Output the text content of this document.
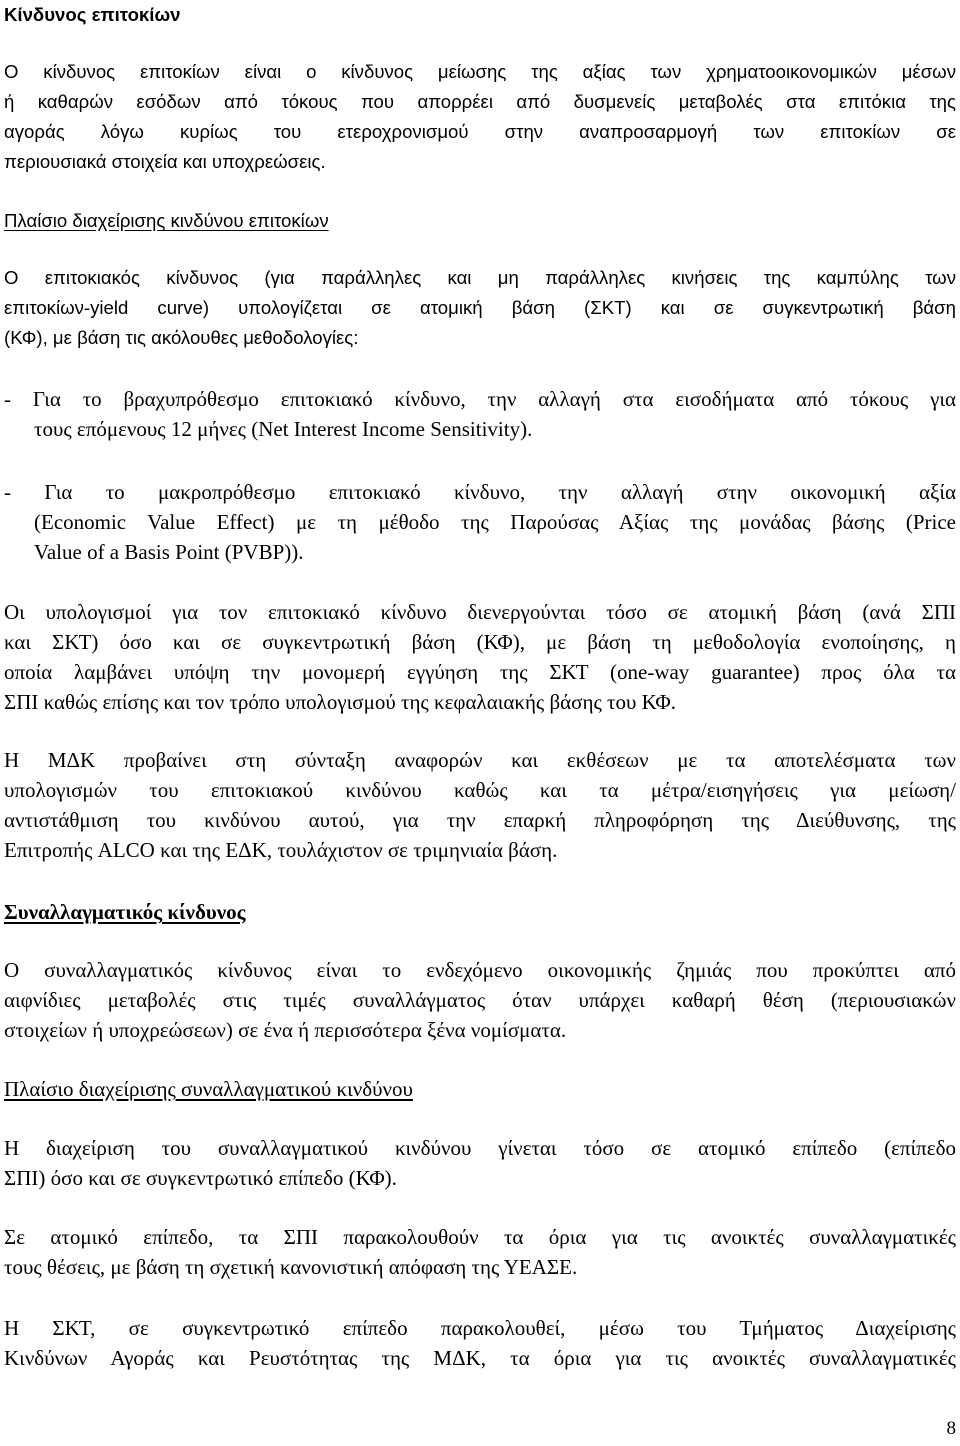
Κίνδυνος επιτοκίων

Ο κίνδυνος επιτοκίων είναι ο κίνδυνος μείωσης της αξίας των χρηματοοικονομικών μέσων
ή καθαρών εσόδων από τόκους που απορρέει από δυσμενείς μεταβολές στα επιτόκια της
αγοράς λόγω κυρίως του ετεροχρονισμού στην αναπροσαρμογή των επιτοκίων σε
περιουσιακά στοιχεία και υποχρεώσεις.

Πλαίσιο διαχείρισης κινδύνου επιτοκίων

Ο επιτοκιακός κίνδυνος (για παράλληλες και μη παράλληλες κινήσεις της καμπύλης των
επιτοκίων-yield curve) υπολογίζεται σε ατομική βάση (ΣΚΤ) και σε συγκεντρωτική βάση
(ΚΦ), με βάση τις ακόλουθες μεθοδολογίες:

- Για το βραχυπρόθεσμο επιτοκιακό κίνδυνο, την αλλαγή στα εισοδήματα από τόκους για
τους επόμενους 12 μήνες (Net Interest Income Sensitivity).

- Για το μακροπρόθεσμο επιτοκιακό κίνδυνο, την αλλαγή στην οικονομική αξία
(Economic Value Effect) με τη μέθοδο της Παρούσας Αξίας της μονάδας βάσης (Price
Value of a Basis Point (PVBP)).

Οι υπολογισμοί για τον επιτοκιακό κίνδυνο διενεργούνται τόσο σε ατομική βάση (ανά ΣΠΙ
και ΣΚΤ) όσο και σε συγκεντρωτική βάση (ΚΦ), με βάση τη μεθοδολογία ενοποίησης, η
οποία λαμβάνει υπόψη την μονομερή εγγύηση της ΣΚΤ (one-way guarantee) προς όλα τα
ΣΠΙ καθώς επίσης και τον τρόπο υπολογισμού της κεφαλαιακής βάσης του ΚΦ.

Η ΜΔΚ προβαίνει στη σύνταξη αναφορών και εκθέσεων με τα αποτελέσματα των
υπολογισμών του επιτοκιακού κινδύνου καθώς και τα μέτρα/εισηγήσεις για μείωση/
αντιστάθμιση του κινδύνου αυτού, για την επαρκή πληροφόρηση της Διεύθυνσης, της
Επιτροπής ALCO και της ΕΔΚ, τουλάχιστον σε τριμηνιαία βάση.

Συναλλαγματικός κίνδυνος

Ο συναλλαγματικός κίνδυνος είναι το ενδεχόμενο οικονομικής ζημιάς που προκύπτει από
αιφνίδιες μεταβολές στις τιμές συναλλάγματος όταν υπάρχει καθαρή θέση (περιουσιακών
στοιχείων ή υποχρεώσεων) σε ένα ή περισσότερα ξένα νομίσματα.

Πλαίσιο διαχείρισης συναλλαγματικού κινδύνου

Η διαχείριση του συναλλαγματικού κινδύνου γίνεται τόσο σε ατομικό επίπεδο (επίπεδο
ΣΠΙ) όσο και σε συγκεντρωτικό επίπεδο (ΚΦ).

Σε ατομικό επίπεδο, τα ΣΠΙ παρακολουθούν τα όρια για τις ανοικτές συναλλαγματικές
τους θέσεις, με βάση τη σχετική κανονιστική απόφαση της ΥΕΑΣΕ.

Η ΣΚΤ, σε συγκεντρωτικό επίπεδο παρακολουθεί, μέσω του Τμήματος Διαχείρισης
Κινδύνων Αγοράς και Ρευστότητας της ΜΔΚ, τα όρια για τις ανοικτές συναλλαγματικές

8
